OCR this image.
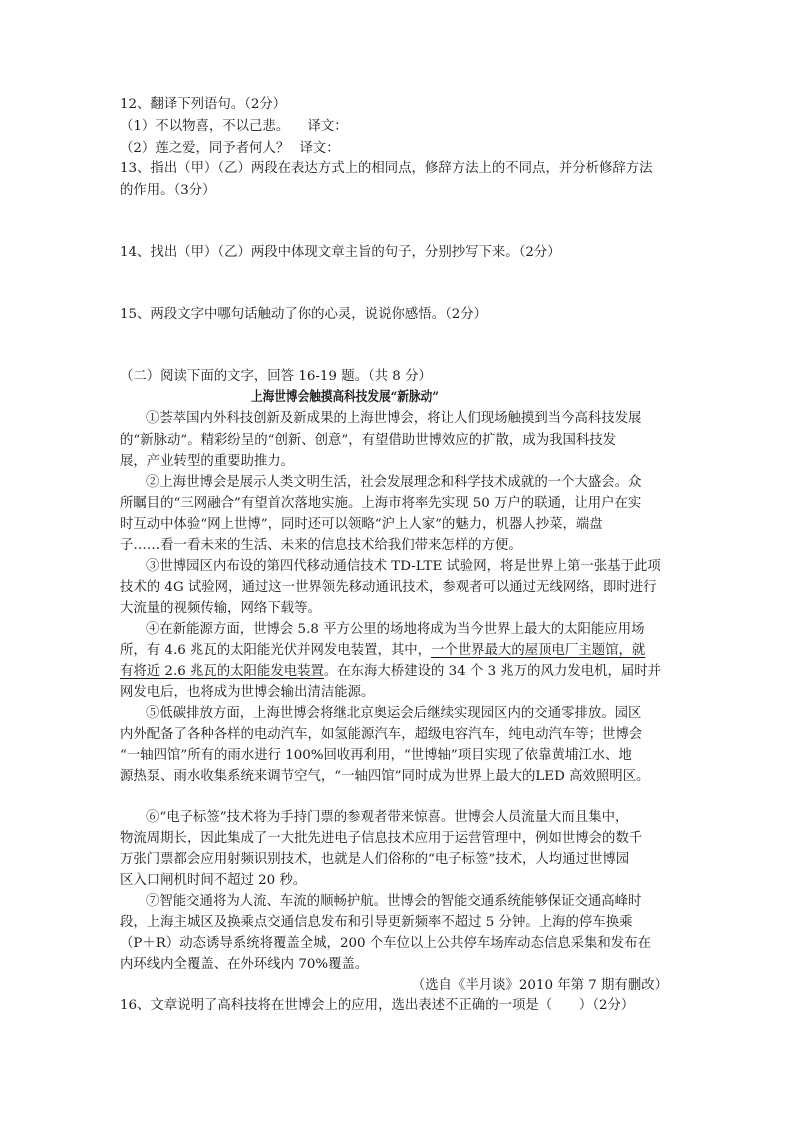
12、翻译下列语句。（2分）
（1）不以物喜，不以己悲。 译文：
（2）莲之爱，同予者何人？ 译文：
13、指出（甲）（乙）两段在表达方式上的相同点，修辞方法上的不同点，并分析修辞方法
的作用。（3分）
14、找出（甲）（乙）两段中体现文章主旨的句子，分别抄写下来。（2分）
15、两段文字中哪句话触动了你的心灵，说说你感悟。（2分）
（二）阅读下面的文字，回答 16-19 题。（共 8 分）
上海世博会触摸高科技发展“新脉动”
①荟萃国内外科技创新及新成果的上海世博会，将让人们现场触摸到当今高科技发展
的“新脉动”。精彩纷呈的“创新、创意”，有望借助世博效应的扩散，成为我国科技发
展，产业转型的重要助推力。
②上海世博会是展示人类文明生活，社会发展理念和科学技术成就的一个大盛会。众
所瞩目的“三网融合”有望首次落地实施。上海市将率先实现 50 万户的联通，让用户在实
时互动中体验“网上世博”，同时还可以领略“沪上人家”的魅力，机器人抄菜，端盘
子……看一看未来的生活、未来的信息技术给我们带来怎样的方便。
③世博园区内布设的第四代移动通信技术 TD-LTE 试验网，将是世界上第一张基于此项
技术的 4G 试验网，通过这一世界领先移动通讯技术，参观者可以通过无线网络，即时进行
大流量的视频传输，网络下载等。
④在新能源方面，世博会 5.8 平方公里的场地将成为当今世界上最大的太阳能应用场
所，有 4.6 兆瓦的太阳能光伏并网发电装置，其中，一个世界最大的屋顶电厂主题馆，就
有将近 2.6 兆瓦的太阳能发电装置。在东海大桥建设的 34 个 3 兆万的风力发电机，届时并
网发电后，也将成为世博会输出清洁能源。
⑤低碳排放方面，上海世博会将继北京奥运会后继续实现园区内的交通零排放。园区
内外配备了各种各样的电动汽车，如氢能源汽车，超级电容汽车，纯电动汽车等；世博会
“一轴四馆”所有的雨水进行 100%回收再利用，“世博轴”项目实现了依靠黄埔江水、地
源热泵、雨水收集系统来调节空气，“一轴四馆”同时成为世界上最大的LED 高效照明区。
⑥“电子标签”技术将为手持门票的参观者带来惊喜。世博会人员流量大而且集中，
物流周期长，因此集成了一大批先进电子信息技术应用于运营管理中，例如世博会的数千
万张门票都会应用射频识别技术，也就是人们俗称的“电子标签”技术，人均通过世博园
区入口闸机时间不超过 20 秒。
⑦智能交通将为人流、车流的顺畅护航。世博会的智能交通系统能够保证交通高峰时
段，上海主城区及换乘点交通信息发布和引导更新频率不超过 5 分钟。上海的停车换乘
（P＋R）动态诱导系统将覆盖全城，200 个车位以上公共停车场库动态信息采集和发布在
内环线内全覆盖、在外环线内 70%覆盖。
（选自《半月谈》2010 年第 7 期有删改）
16、文章说明了高科技将在世博会上的应用，选出表述不正确的一项是（　　）（2分）
